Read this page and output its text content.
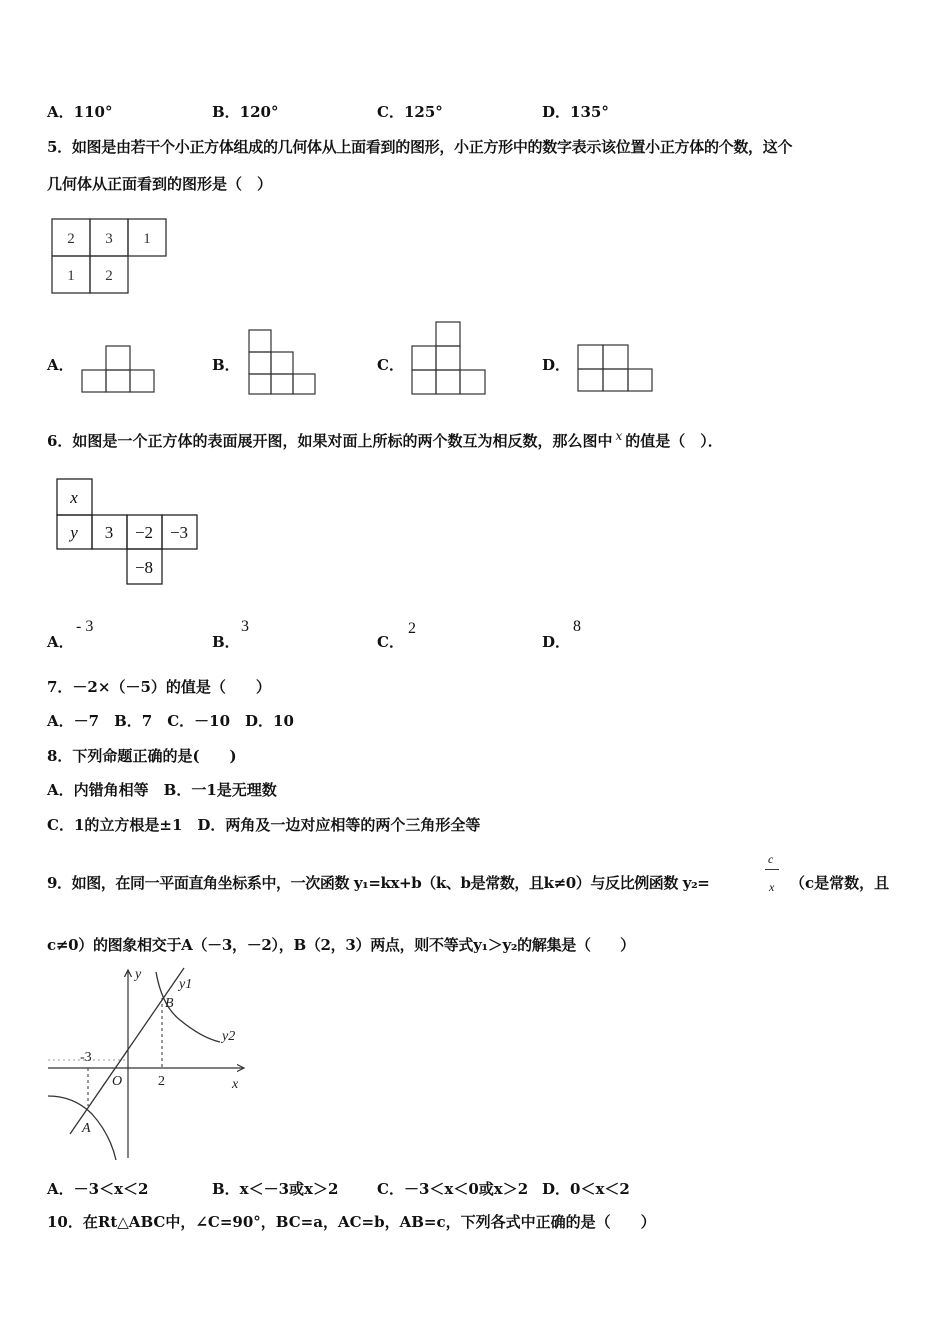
A．110°	B．120°	C．125°	D．135°
5．如图是由若干个小正方体组成的几何体从上面看到的图形，小正方形中的数字表示该位置小正方体的个数，这个
几何体从正面看到的图形是（　）
2 3 1
1 2
A．	B．	C．	D．
6．如图是一个正方体的表面展开图，如果对面上所标的两个数互为相反数，那么图中 $^x$ 的值是（　）．
x
y 3 −2 −3
−8
A．
- 3
B．
3
C．
2
D．
8
7．－2×（－5）的值是（　　）
A．－7　B．7　C．－10　D．10
8．下列命题正确的是(　　)
A．内错角相等　B．一1是无理数
C．1的立方根是±1　D．两角及一边对应相等的两个三角形全等
9．如图，在同一平面直角坐标系中，一次函数 y₁=kx+b（k、b是常数，且k≠0）与反比例函数 y₂=
c
x （c是常数，且
c≠0）的图象相交于A（－3，－2），B（2，3）两点，则不等式y₁＞y₂的解集是（　　）
y
x
y1
y2
B
A
O
-3
2
A．－3＜x＜2	B．x＜－3或x＞2	C．－3＜x＜0或x＞2 D．0＜x＜2
10．在Rt△ABC中，∠C=90°，BC=a，AC=b，AB=c，下列各式中正确的是（　　）
